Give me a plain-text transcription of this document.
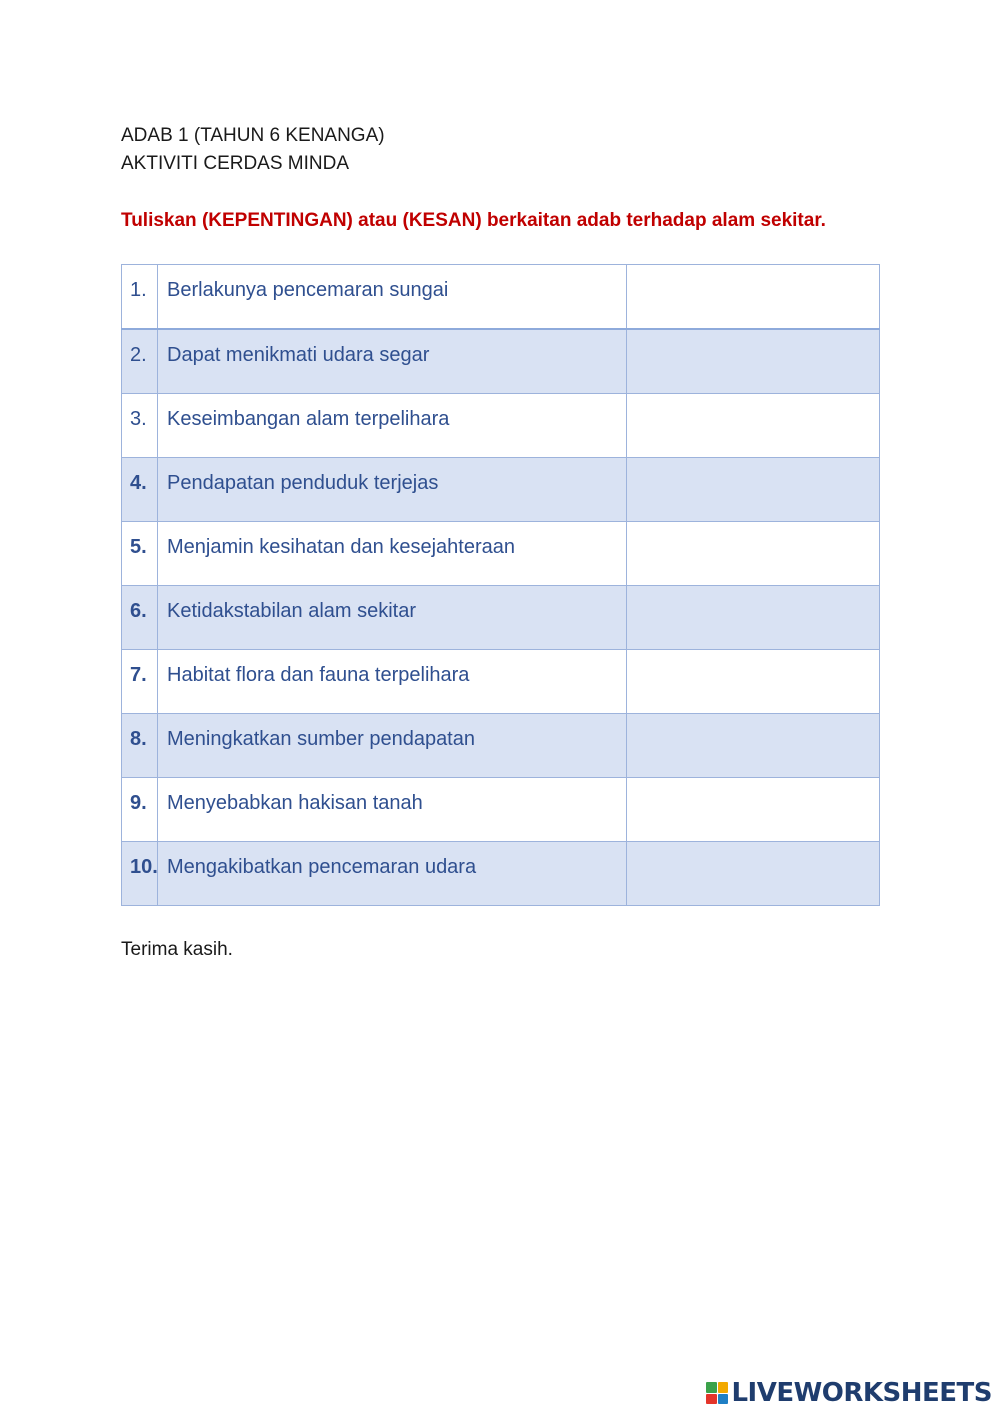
ADAB 1 (TAHUN 6 KENANGA)
AKTIVITI CERDAS MINDA
Tuliskan (KEPENTINGAN) atau (KESAN) berkaitan adab terhadap alam sekitar.
1.	Berlakunya pencemaran sungai	
2.	Dapat menikmati udara segar	
3.	Keseimbangan alam terpelihara	
4.	Pendapatan penduduk terjejas	
5.	Menjamin kesihatan dan kesejahteraan	
6.	Ketidakstabilan alam sekitar	
7.	Habitat flora dan fauna terpelihara	
8.	Meningkatkan sumber pendapatan	
9.	Menyebabkan hakisan tanah	
10.	Mengakibatkan pencemaran udara	
Terima kasih.
LIVEWORKSHEETS
